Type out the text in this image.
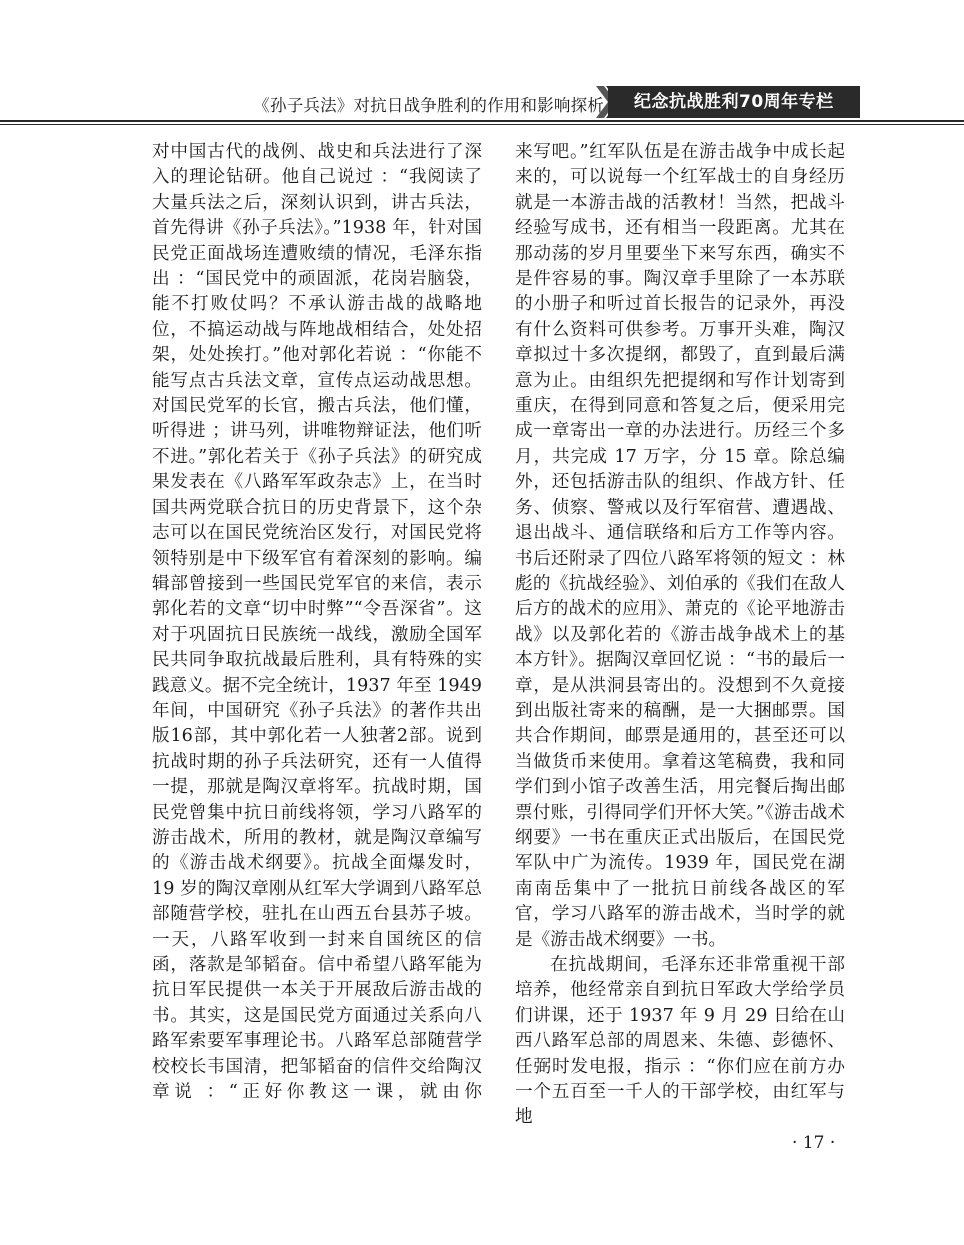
《孙子兵法》对抗日战争胜利的作用和影响探析	纪念抗战胜利70周年专栏

对中国古代的战例、战史和兵法进行了深入的理论钻研。他自己说过 ：“我阅读了大量兵法之后，深刻认识到，讲古兵法，首先得讲《孙子兵法》。”1938 年，针对国民党正面战场连遭败绩的情况，毛泽东指出 ：“国民党中的顽固派，花岗岩脑袋，能不打败仗吗？不承认游击战的战略地位，不搞运动战与阵地战相结合，处处招架，处处挨打。”他对郭化若说 ：“你能不能写点古兵法文章，宣传点运动战思想。对国民党军的长官，搬古兵法，他们懂，听得进 ；讲马列，讲唯物辩证法，他们听不进。”郭化若关于《孙子兵法》的研究成果发表在《八路军军政杂志》上，在当时国共两党联合抗日的历史背景下，这个杂志可以在国民党统治区发行，对国民党将领特别是中下级军官有着深刻的影响。编辑部曾接到一些国民党军官的来信，表示郭化若的文章“切中时弊”“令吾深省”。这对于巩固抗日民族统一战线，激励全国军民共同争取抗战最后胜利，具有特殊的实践意义。据不完全统计，1937 年至 1949 年间，中国研究《孙子兵法》的著作共出版16部，其中郭化若一人独著2部。说到抗战时期的孙子兵法研究，还有一人值得一提，那就是陶汉章将军。抗战时期，国民党曾集中抗日前线将领，学习八路军的游击战术，所用的教材，就是陶汉章编写的《游击战术纲要》。抗战全面爆发时，19 岁的陶汉章刚从红军大学调到八路军总部随营学校，驻扎在山西五台县苏子坡。一天，八路军收到一封来自国统区的信函，落款是邹韬奋。信中希望八路军能为抗日军民提供一本关于开展敌后游击战的书。其实，这是国民党方面通过关系向八路军索要军事理论书。八路军总部随营学校校长韦国清，把邹韬奋的信件交给陶汉章说 ：“正好你教这一课，就由你

来写吧。”红军队伍是在游击战争中成长起来的，可以说每一个红军战士的自身经历就是一本游击战的活教材！当然，把战斗经验写成书，还有相当一段距离。尤其在那动荡的岁月里要坐下来写东西，确实不是件容易的事。陶汉章手里除了一本苏联的小册子和听过首长报告的记录外，再没有什么资料可供参考。万事开头难，陶汉章拟过十多次提纲，都毁了，直到最后满意为止。由组织先把提纲和写作计划寄到重庆，在得到同意和答复之后，便采用完成一章寄出一章的办法进行。历经三个多月，共完成 17 万字，分 15 章。除总编外，还包括游击队的组织、作战方针、任务、侦察、警戒以及行军宿营、遭遇战、退出战斗、通信联络和后方工作等内容。书后还附录了四位八路军将领的短文 ：林彪的《抗战经验》、刘伯承的《我们在敌人后方的战术的应用》、萧克的《论平地游击战》以及郭化若的《游击战争战术上的基本方针》。据陶汉章回忆说 ：“书的最后一章，是从洪洞县寄出的。没想到不久竟接到出版社寄来的稿酬，是一大捆邮票。国共合作期间，邮票是通用的，甚至还可以当做货币来使用。拿着这笔稿费，我和同学们到小馆子改善生活，用完餐后掏出邮票付账，引得同学们开怀大笑。”《游击战术纲要》一书在重庆正式出版后，在国民党军队中广为流传。1939 年，国民党在湖南南岳集中了一批抗日前线各战区的军官，学习八路军的游击战术，当时学的就是《游击战术纲要》一书。

在抗战期间，毛泽东还非常重视干部培养，他经常亲自到抗日军政大学给学员们讲课，还于 1937 年 9 月 29 日给在山西八路军总部的周恩来、朱德、彭德怀、任弼时发电报，指示 ：“你们应在前方办一个五百至一千人的干部学校，由红军与地

· 17 ·
